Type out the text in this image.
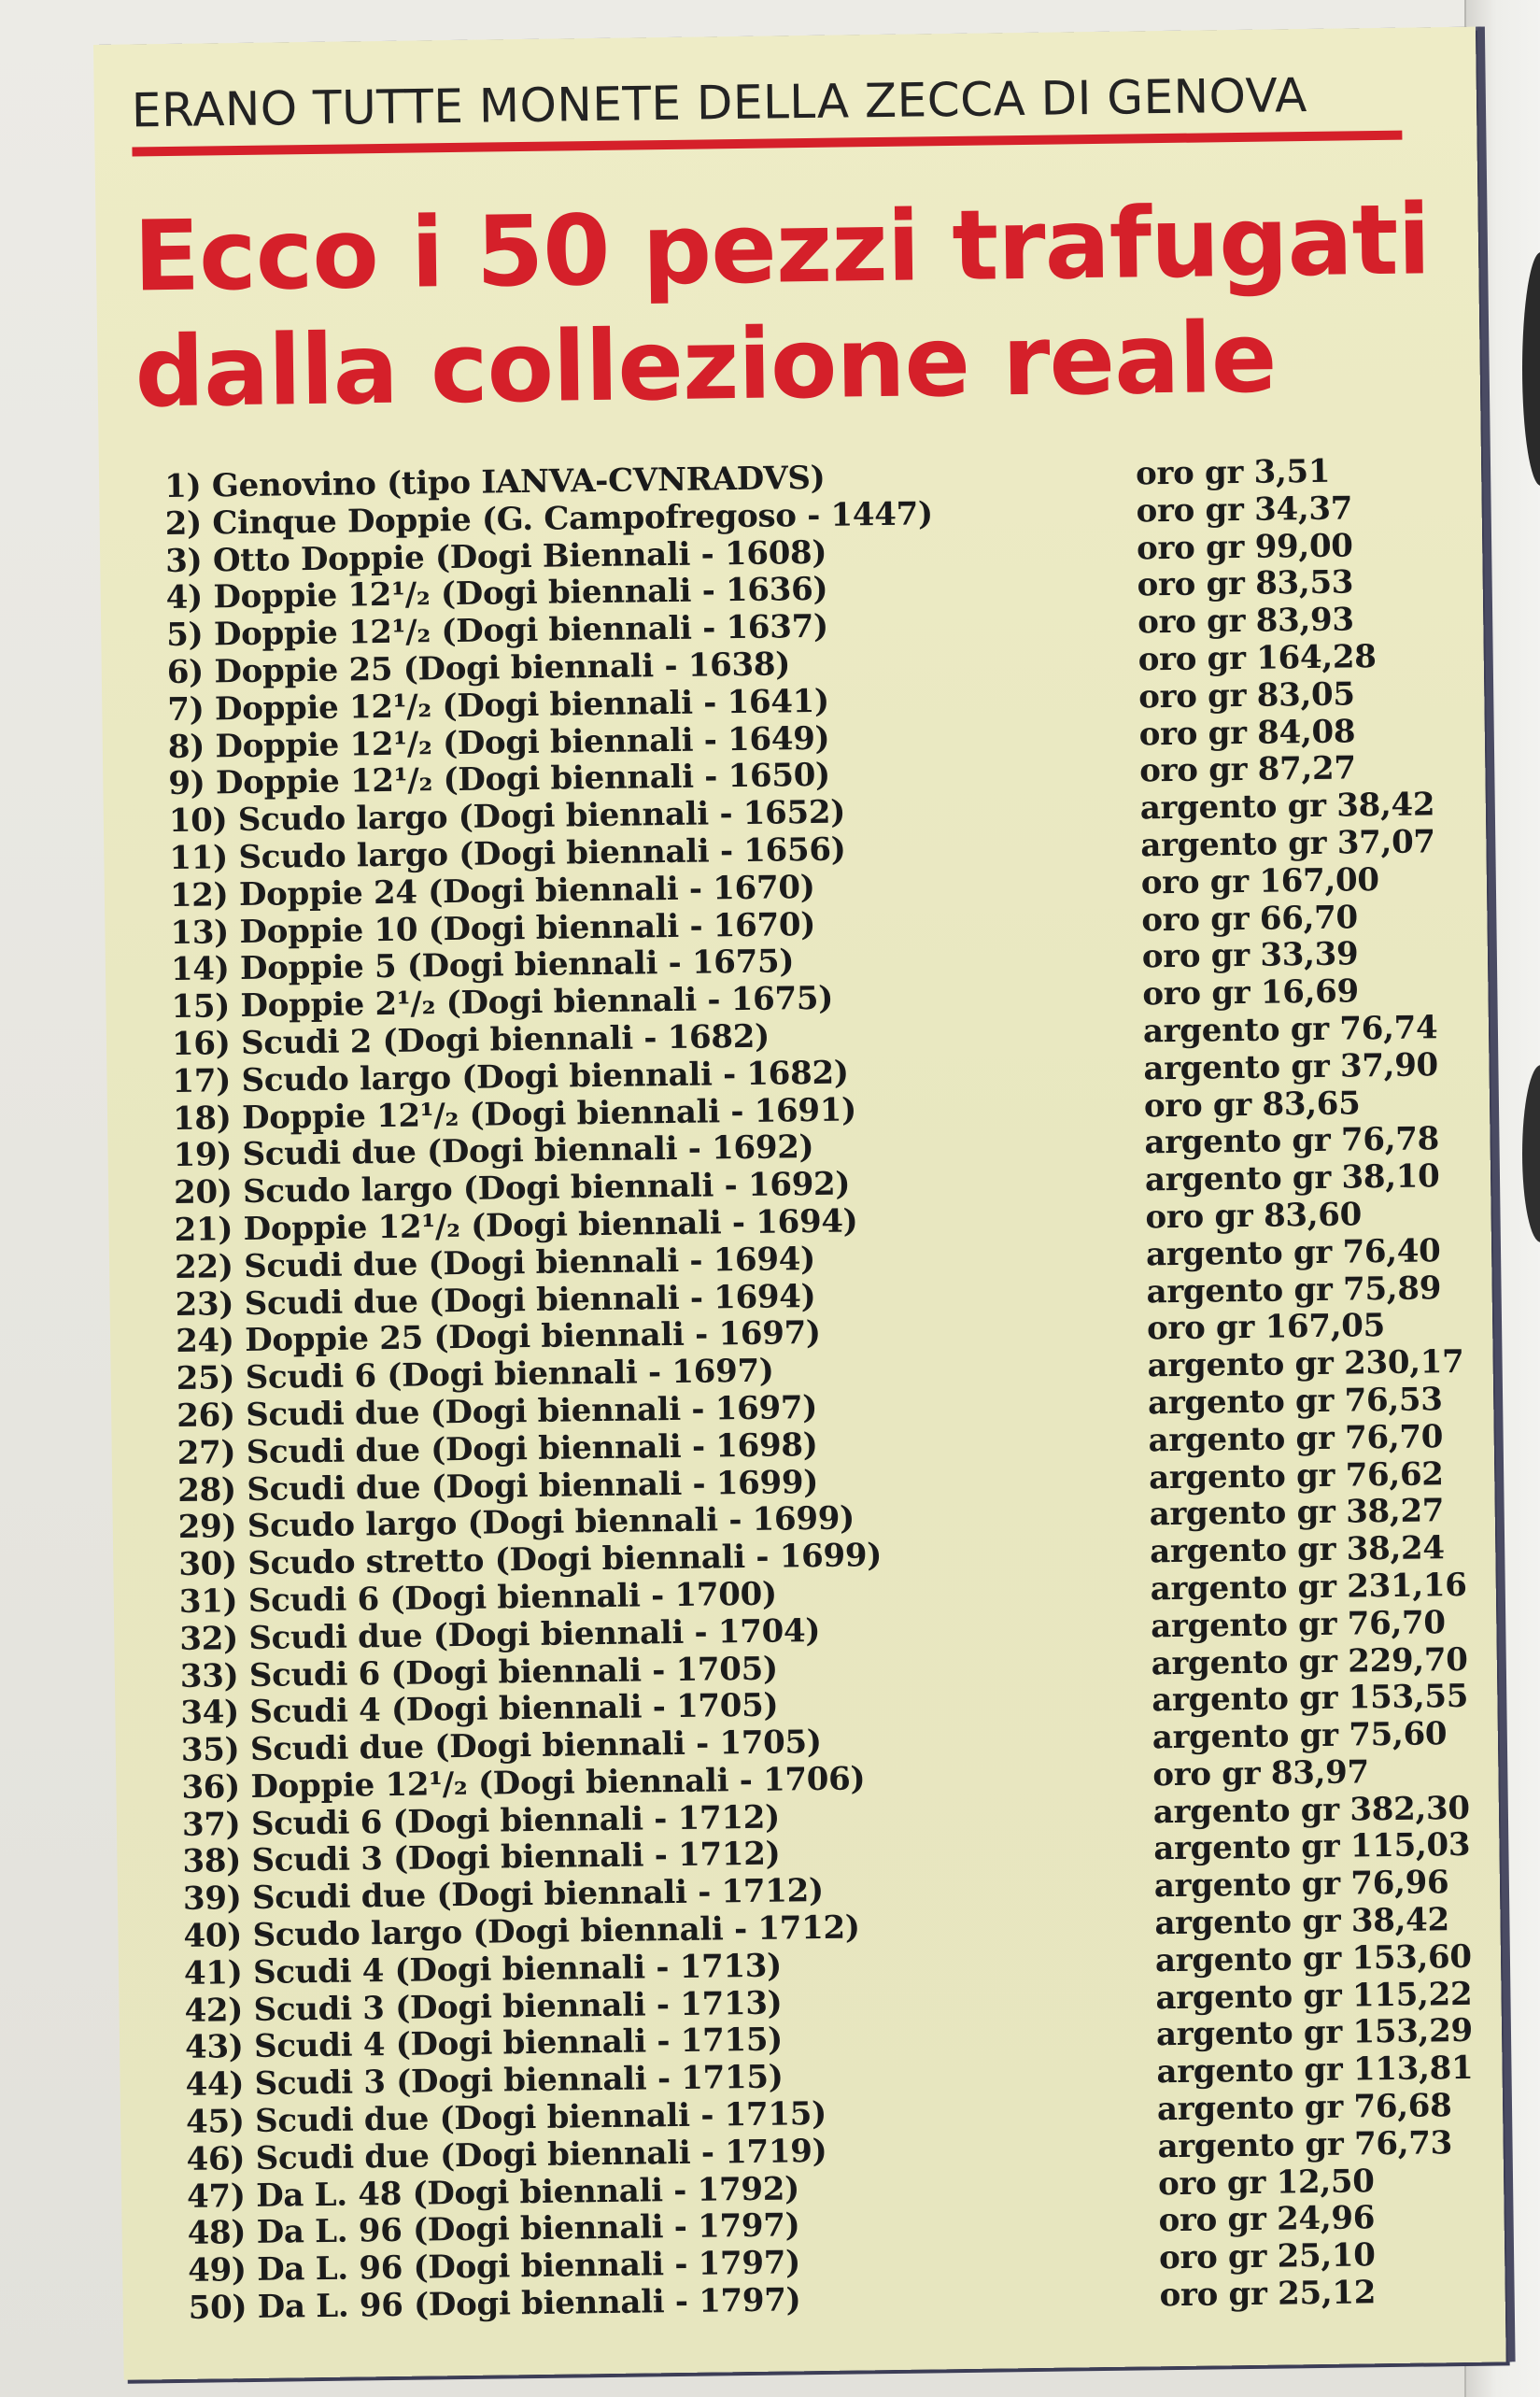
ERANO TUTTE MONETE DELLA ZECCA DI GENOVA
Ecco i 50 pezzi trafugati
dalla collezione reale
1) Genovino (tipo IANVA-CVNRADVS)	oro gr 3,51
2) Cinque Doppie (G. Campofregoso - 1447)	oro gr 34,37
3) Otto Doppie (Dogi Biennali - 1608)	oro gr 99,00
4) Doppie 12¹/₂ (Dogi biennali - 1636)	oro gr 83,53
5) Doppie 12¹/₂ (Dogi biennali - 1637)	oro gr 83,93
6) Doppie 25 (Dogi biennali - 1638)	oro gr 164,28
7) Doppie 12¹/₂ (Dogi biennali - 1641)	oro gr 83,05
8) Doppie 12¹/₂ (Dogi biennali - 1649)	oro gr 84,08
9) Doppie 12¹/₂ (Dogi biennali - 1650)	oro gr 87,27
10) Scudo largo (Dogi biennali - 1652)	argento gr 38,42
11) Scudo largo (Dogi biennali - 1656)	argento gr 37,07
12) Doppie 24 (Dogi biennali - 1670)	oro gr 167,00
13) Doppie 10 (Dogi biennali - 1670)	oro gr 66,70
14) Doppie 5 (Dogi biennali - 1675)	oro gr 33,39
15) Doppie 2¹/₂ (Dogi biennali - 1675)	oro gr 16,69
16) Scudi 2 (Dogi biennali - 1682)	argento gr 76,74
17) Scudo largo (Dogi biennali - 1682)	argento gr 37,90
18) Doppie 12¹/₂ (Dogi biennali - 1691)	oro gr 83,65
19) Scudi due (Dogi biennali - 1692)	argento gr 76,78
20) Scudo largo (Dogi biennali - 1692)	argento gr 38,10
21) Doppie 12¹/₂ (Dogi biennali - 1694)	oro gr 83,60
22) Scudi due (Dogi biennali - 1694)	argento gr 76,40
23) Scudi due (Dogi biennali - 1694)	argento gr 75,89
24) Doppie 25 (Dogi biennali - 1697)	oro gr 167,05
25) Scudi 6 (Dogi biennali - 1697)	argento gr 230,17
26) Scudi due (Dogi biennali - 1697)	argento gr 76,53
27) Scudi due (Dogi biennali - 1698)	argento gr 76,70
28) Scudi due (Dogi biennali - 1699)	argento gr 76,62
29) Scudo largo (Dogi biennali - 1699)	argento gr 38,27
30) Scudo stretto (Dogi biennali - 1699)	argento gr 38,24
31) Scudi 6 (Dogi biennali - 1700)	argento gr 231,16
32) Scudi due (Dogi biennali - 1704)	argento gr 76,70
33) Scudi 6 (Dogi biennali - 1705)	argento gr 229,70
34) Scudi 4 (Dogi biennali - 1705)	argento gr 153,55
35) Scudi due (Dogi biennali - 1705)	argento gr 75,60
36) Doppie 12¹/₂ (Dogi biennali - 1706)	oro gr 83,97
37) Scudi 6 (Dogi biennali - 1712)	argento gr 382,30
38) Scudi 3 (Dogi biennali - 1712)	argento gr 115,03
39) Scudi due (Dogi biennali - 1712)	argento gr 76,96
40) Scudo largo (Dogi biennali - 1712)	argento gr 38,42
41) Scudi 4 (Dogi biennali - 1713)	argento gr 153,60
42) Scudi 3 (Dogi biennali - 1713)	argento gr 115,22
43) Scudi 4 (Dogi biennali - 1715)	argento gr 153,29
44) Scudi 3 (Dogi biennali - 1715)	argento gr 113,81
45) Scudi due (Dogi biennali - 1715)	argento gr 76,68
46) Scudi due (Dogi biennali - 1719)	argento gr 76,73
47) Da L. 48 (Dogi biennali - 1792)	oro gr 12,50
48) Da L. 96 (Dogi biennali - 1797)	oro gr 24,96
49) Da L. 96 (Dogi biennali - 1797)	oro gr 25,10
50) Da L. 96 (Dogi biennali - 1797)	oro gr 25,12
